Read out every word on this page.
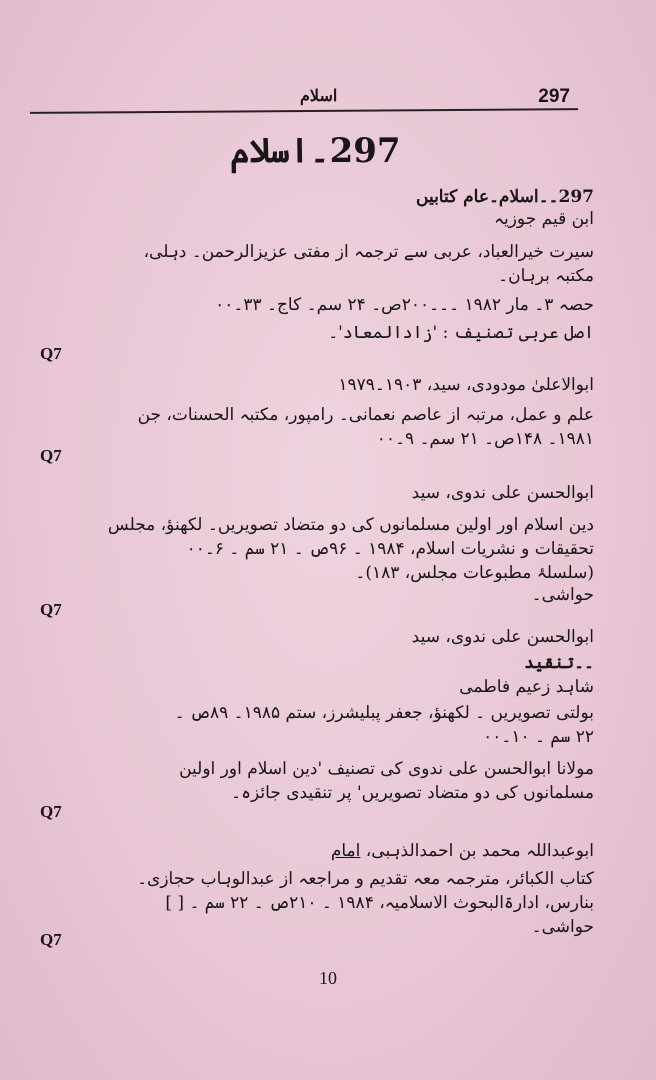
اسلام	297
297۔اسلام
297۔۔اسلام۔عام کتابیں
ابن قیم جوزیہ
سیرت خیرالعباد، عربی سے ترجمہ از مفتی عزیزالرحمن۔ دہلی،
مکتبہ برہان۔
حصہ ۳۔ مار ۱۹۸۲ ۔۔۔۲۰۰ص۔ ۲۴ سم۔ کاج۔ ۳۳۔۰۰
اصل عربی تصنیف : 'زادالمعاد'۔
Q7
ابوالاعلیٰ مودودی، سید، ۱۹۰۳۔۱۹۷۹
علم و عمل، مرتبہ از عاصم نعمانی۔ رامپور، مکتبہ الحسنات، جن
۱۹۸۱۔ ۱۴۸ص۔ ۲۱ سم۔ ۹۔۰۰
Q7
ابوالحسن علی ندوی، سید
دین اسلام اور اولین مسلمانوں کی دو متضاد تصویریں۔ لکھنؤ، مجلس
تحقیقات و نشریات اسلام، ۱۹۸۴ ۔ ۹۶ص ۔ ۲۱ سم ۔ ۶۔۰۰
(سلسلۂ مطبوعات مجلس، ۱۸۳)۔
حواشی۔
Q7
ابوالحسن علی ندوی، سید
۔۔تنقید
شاہد زعیم فاطمی
بولتی تصویریں ۔ لکھنؤ، جعفر پبلیشرز، ستم ۱۹۸۵۔ ۸۹ص ۔
۲۲ سم ۔ ۱۰۔۰۰
مولانا ابوالحسن علی ندوی کی تصنیف 'دین اسلام اور اولین
مسلمانوں کی دو متضاد تصویریں' پر تنقیدی جائزہ۔
Q7
ابوعبداللہ محمد بن احمدالذہبی، امام
کتاب الکبائر، مترجمہ معہ تقدیم و مراجعہ از عبدالوہاب حجازی۔
بنارس، ادارۃالبحوث الاسلامیہ، ۱۹۸۴ ۔ ۲۱۰ص ۔ ۲۲ سم ۔ [ ]
حواشی۔
Q7
10
